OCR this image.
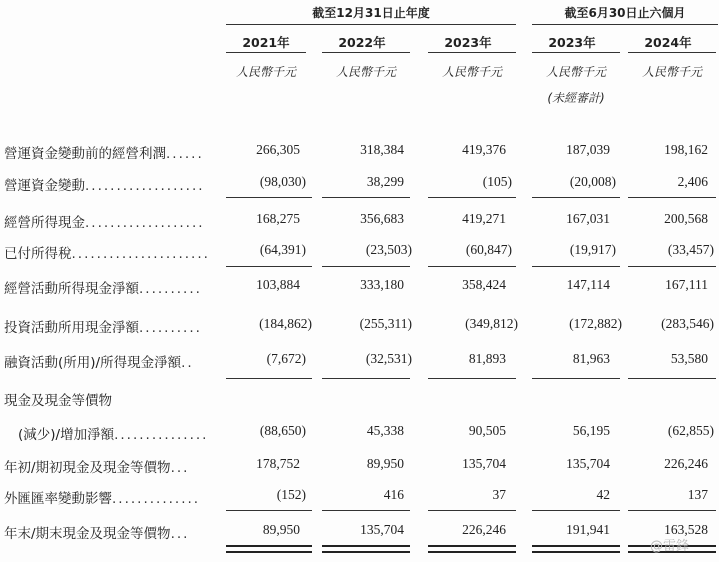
截至12月31日止年度	截至6月30日止六個月
2021年	2022年	2023年	2023年	2024年
人民幣千元	人民幣千元	人民幣千元	人民幣千元	人民幣千元
(未經審計)
營運資金變動前的經營利潤......	266,305	318,384	419,376	187,039	198,162
營運資金變動...................	(98,030)	38,299	(105)	(20,008)	2,406
經營所得現金...................	168,275	356,683	419,271	167,031	200,568
已付所得稅......................	(64,391)	(23,503)	(60,847)	(19,917)	(33,457)
經營活動所得現金淨額..........	103,884	333,180	358,424	147,114	167,111
投資活動所用現金淨額..........	(184,862)	(255,311)	(349,812)	(172,882)	(283,546)
融資活動(所用)/所得現金淨額..	(7,672)	(32,531)	81,893	81,963	53,580
現金及現金等價物
(減少)/增加淨額...............	(88,650)	45,338	90,505	56,195	(62,855)
年初/期初現金及現金等價物...	178,752	89,950	135,704	135,704	226,246
外匯匯率變動影響..............	(152)	416	37	42	137
年末/期末現金及現金等價物...	89,950	135,704	226,246	191,941	163,528
@雷鋒
